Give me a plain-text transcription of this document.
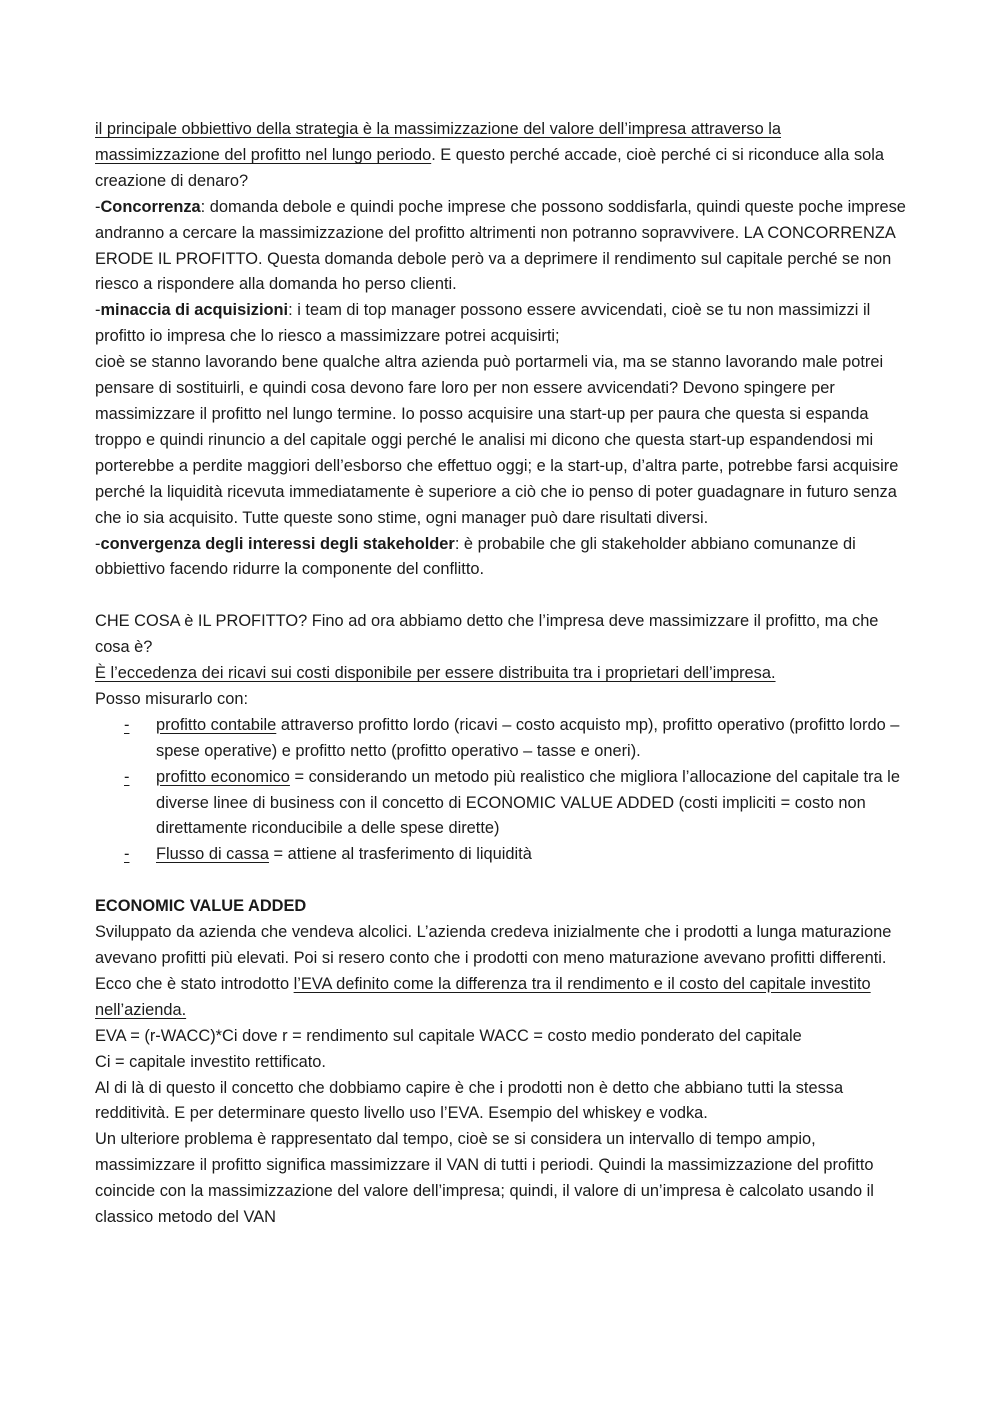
il principale obbiettivo della strategia è la massimizzazione del valore dell’impresa attraverso la massimizzazione del profitto nel lungo periodo. E questo perché accade, cioè perché ci si riconduce alla sola creazione di denaro?

-Concorrenza: domanda debole e quindi poche imprese che possono soddisfarla, quindi queste poche imprese andranno a cercare la massimizzazione del profitto altrimenti non potranno sopravvivere. LA CONCORRENZA ERODE IL PROFITTO. Questa domanda debole però va a deprimere il rendimento sul capitale perché se non riesco a rispondere alla domanda ho perso clienti.

-minaccia di acquisizioni: i team di top manager possono essere avvicendati, cioè se tu non massimizzi il profitto io impresa che lo riesco a massimizzare potrei acquisirti;

cioè se stanno lavorando bene qualche altra azienda può portarmeli via, ma se stanno lavorando male potrei pensare di sostituirli, e quindi cosa devono fare loro per non essere avvicendati? Devono spingere per massimizzare il profitto nel lungo termine. Io posso acquisire una start-up per paura che questa si espanda troppo e quindi rinuncio a del capitale oggi perché le analisi mi dicono che questa start-up espandendosi mi porterebbe a perdite maggiori dell’esborso che effettuo oggi; e la start-up, d’altra parte, potrebbe farsi acquisire perché la liquidità ricevuta immediatamente è superiore a ciò che io penso di poter guadagnare in futuro senza che io sia acquisito. Tutte queste sono stime, ogni manager può dare risultati diversi.

-convergenza degli interessi degli stakeholder: è probabile che gli stakeholder abbiano comunanze di obbiettivo facendo ridurre la componente del conflitto.

CHE COSA è IL PROFITTO? Fino ad ora abbiamo detto che l’impresa deve massimizzare il profitto, ma che cosa è?

È l’eccedenza dei ricavi sui costi disponibile per essere distribuita tra i proprietari dell’impresa.

Posso misurarlo con:

- profitto contabile attraverso profitto lordo (ricavi – costo acquisto mp), profitto operativo (profitto lordo – spese operative) e profitto netto (profitto operativo – tasse e oneri).
- profitto economico = considerando un metodo più realistico che migliora l’allocazione del capitale tra le diverse linee di business con il concetto di ECONOMIC VALUE ADDED (costi impliciti = costo non direttamente riconducibile a delle spese dirette)
- Flusso di cassa = attiene al trasferimento di liquidità

ECONOMIC VALUE ADDED

Sviluppato da azienda che vendeva alcolici. L’azienda credeva inizialmente che i prodotti a lunga maturazione avevano profitti più elevati. Poi si resero conto che i prodotti con meno maturazione avevano profitti differenti. Ecco che è stato introdotto l’EVA definito come la differenza tra il rendimento e il costo del capitale investito nell’azienda.

EVA = (r-WACC)*Ci dove r = rendimento sul capitale WACC = costo medio ponderato del capitale

Ci = capitale investito rettificato.

Al di là di questo il concetto che dobbiamo capire è che i prodotti non è detto che abbiano tutti la stessa redditività. E per determinare questo livello uso l’EVA. Esempio del whiskey e vodka.

Un ulteriore problema è rappresentato dal tempo, cioè se si considera un intervallo di tempo ampio, massimizzare il profitto significa massimizzare il VAN di tutti i periodi. Quindi la massimizzazione del profitto coincide con la massimizzazione del valore dell’impresa; quindi, il valore di un’impresa è calcolato usando il classico metodo del VAN
